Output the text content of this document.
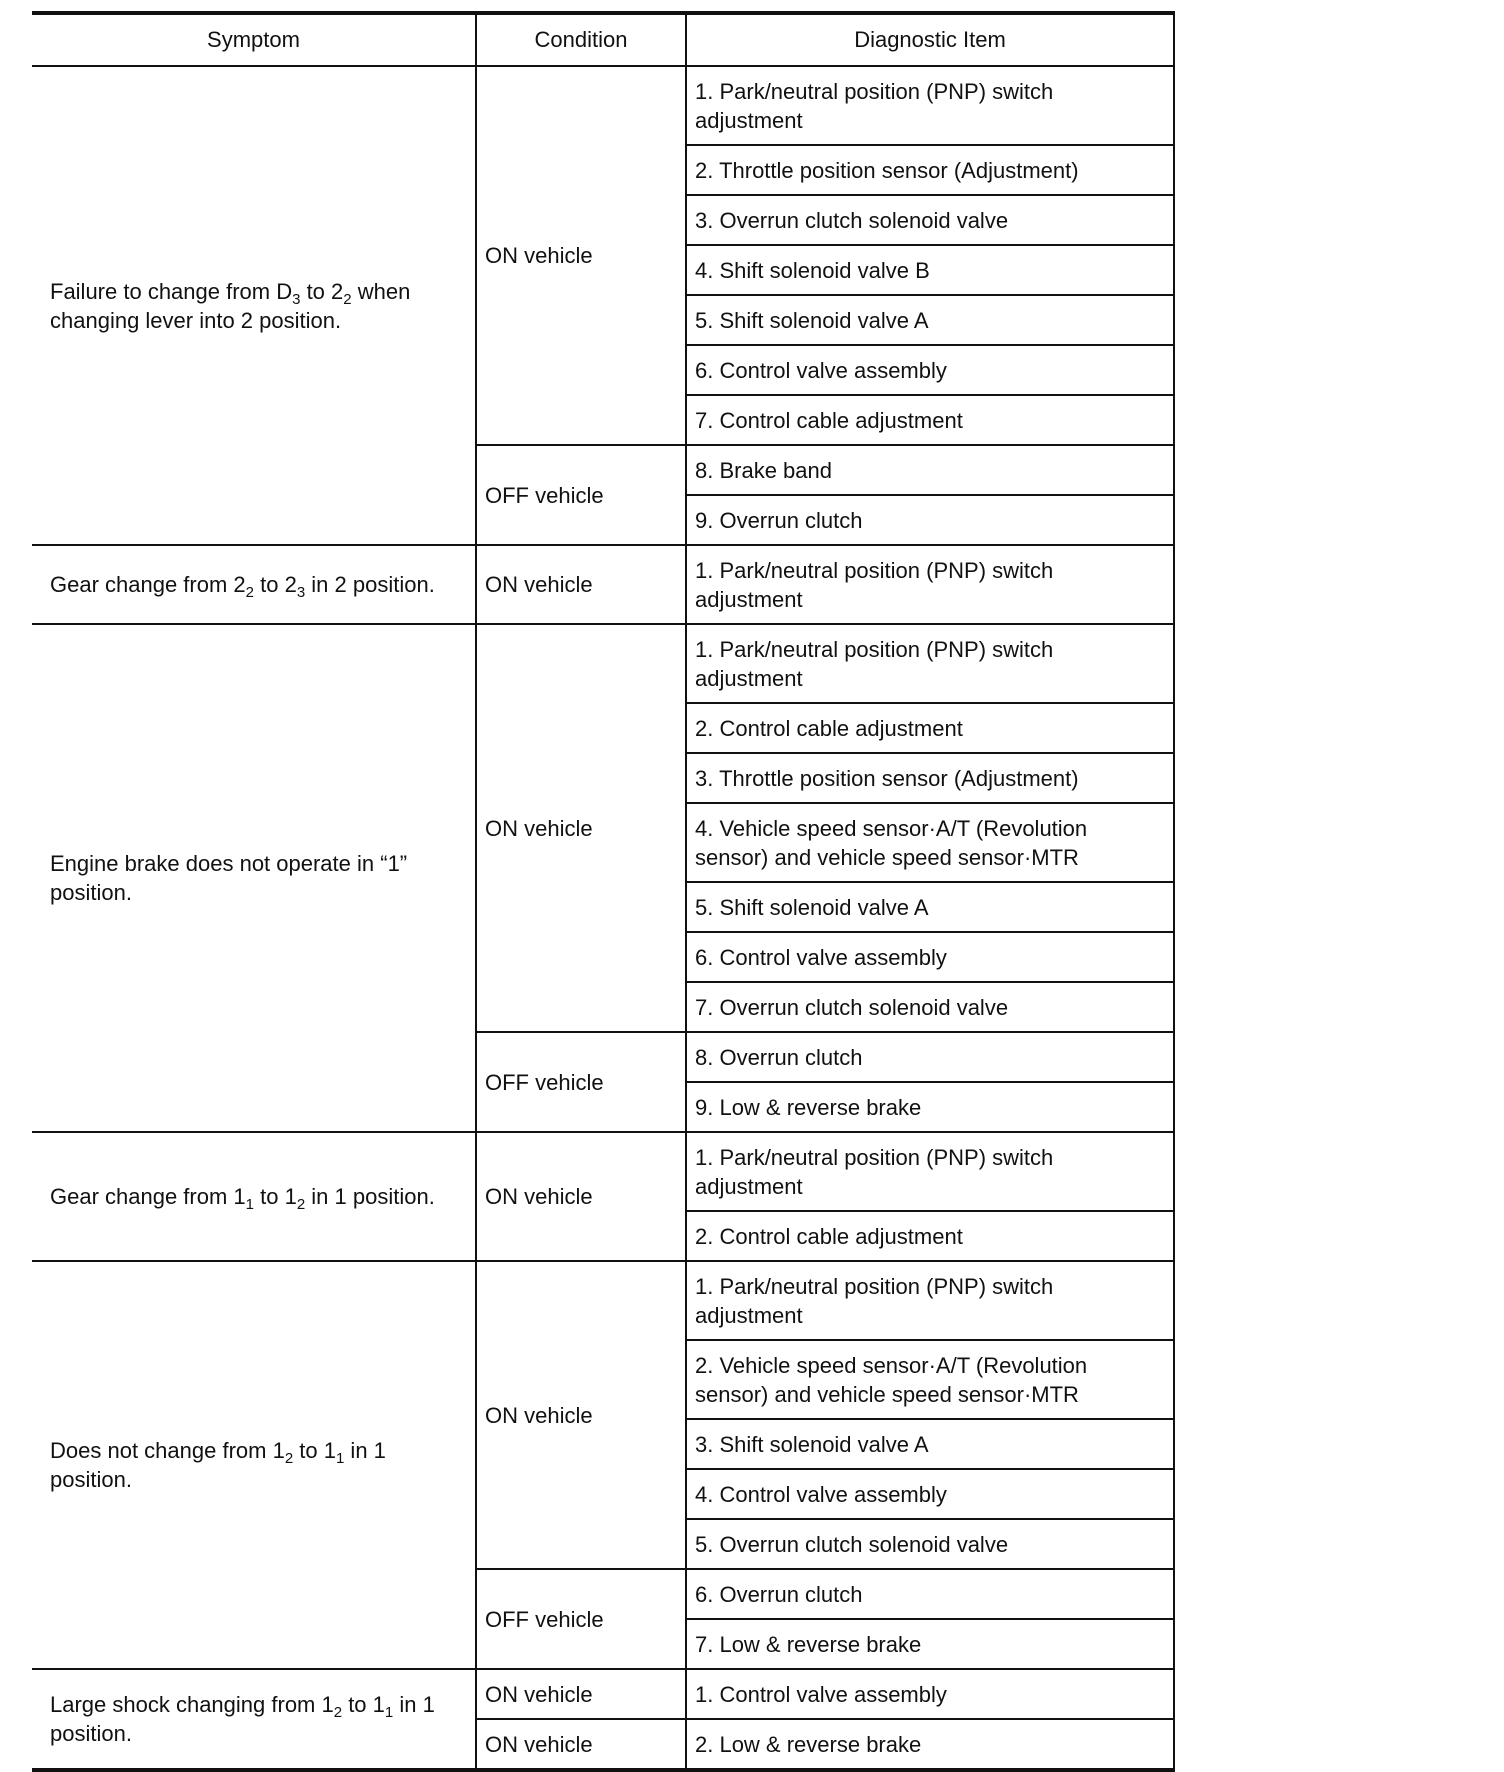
Symptom	Condition	Diagnostic Item
Failure to change from $D_3$ to $2_2$ when changing lever into 2 position.	ON vehicle	1. Park/neutral position (PNP) switch adjustment
		2. Throttle position sensor (Adjustment)
		3. Overrun clutch solenoid valve
		4. Shift solenoid valve B
		5. Shift solenoid valve A
		6. Control valve assembly
		7. Control cable adjustment
	OFF vehicle	8. Brake band
		9. Overrun clutch
Gear change from $2_2$ to $2_3$ in 2 position.	ON vehicle	1. Park/neutral position (PNP) switch adjustment
Engine brake does not operate in “1” position.	ON vehicle	1. Park/neutral position (PNP) switch adjustment
		2. Control cable adjustment
		3. Throttle position sensor (Adjustment)
		4. Vehicle speed sensor·A/T (Revolution sensor) and vehicle speed sensor·MTR
		5. Shift solenoid valve A
		6. Control valve assembly
		7. Overrun clutch solenoid valve
	OFF vehicle	8. Overrun clutch
		9. Low & reverse brake
Gear change from $1_1$ to $1_2$ in 1 position.	ON vehicle	1. Park/neutral position (PNP) switch adjustment
		2. Control cable adjustment
Does not change from $1_2$ to $1_1$ in 1 position.	ON vehicle	1. Park/neutral position (PNP) switch adjustment
		2. Vehicle speed sensor·A/T (Revolution sensor) and vehicle speed sensor·MTR
		3. Shift solenoid valve A
		4. Control valve assembly
		5. Overrun clutch solenoid valve
	OFF vehicle	6. Overrun clutch
		7. Low & reverse brake
Large shock changing from $1_2$ to $1_1$ in 1 position.	ON vehicle	1. Control valve assembly
	ON vehicle	2. Low & reverse brake
